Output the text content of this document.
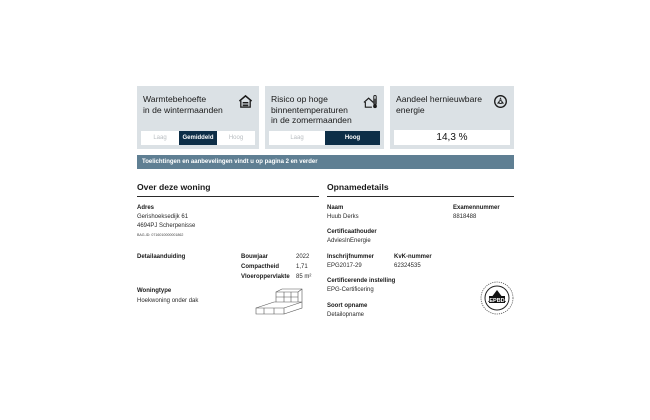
Warmtebehoefte
in de wintermaanden
Laag	Gemiddeld	Hoog
Risico op hoge
binnentemperaturen
in de zomermaanden
Laag	Hoog
Aandeel hernieuwbare
energie
14,3 %
Toelichtingen en aanbevelingen vindt u op pagina 2 en verder
Over deze woning
Adres
Gerishoeksedijk 61
4694PJ Scherpenisse
BAG-ID: 0716010000001862
Detailaanduiding	Bouwjaar	2022
Compactheid	1,71
Vloeroppervlakte 85 m²
Woningtype
Hoekwoning onder dak
Opnamedetails
Naam
Huub Derks
Examennummer
8818488
Certificaathouder
AdviesInEnergie
Inschrijfnummer
EPG2017-29
KvK-nummer
62324535
Certificerende instelling
EPG-Certificering
Soort opname
Detailopname
EPBD
